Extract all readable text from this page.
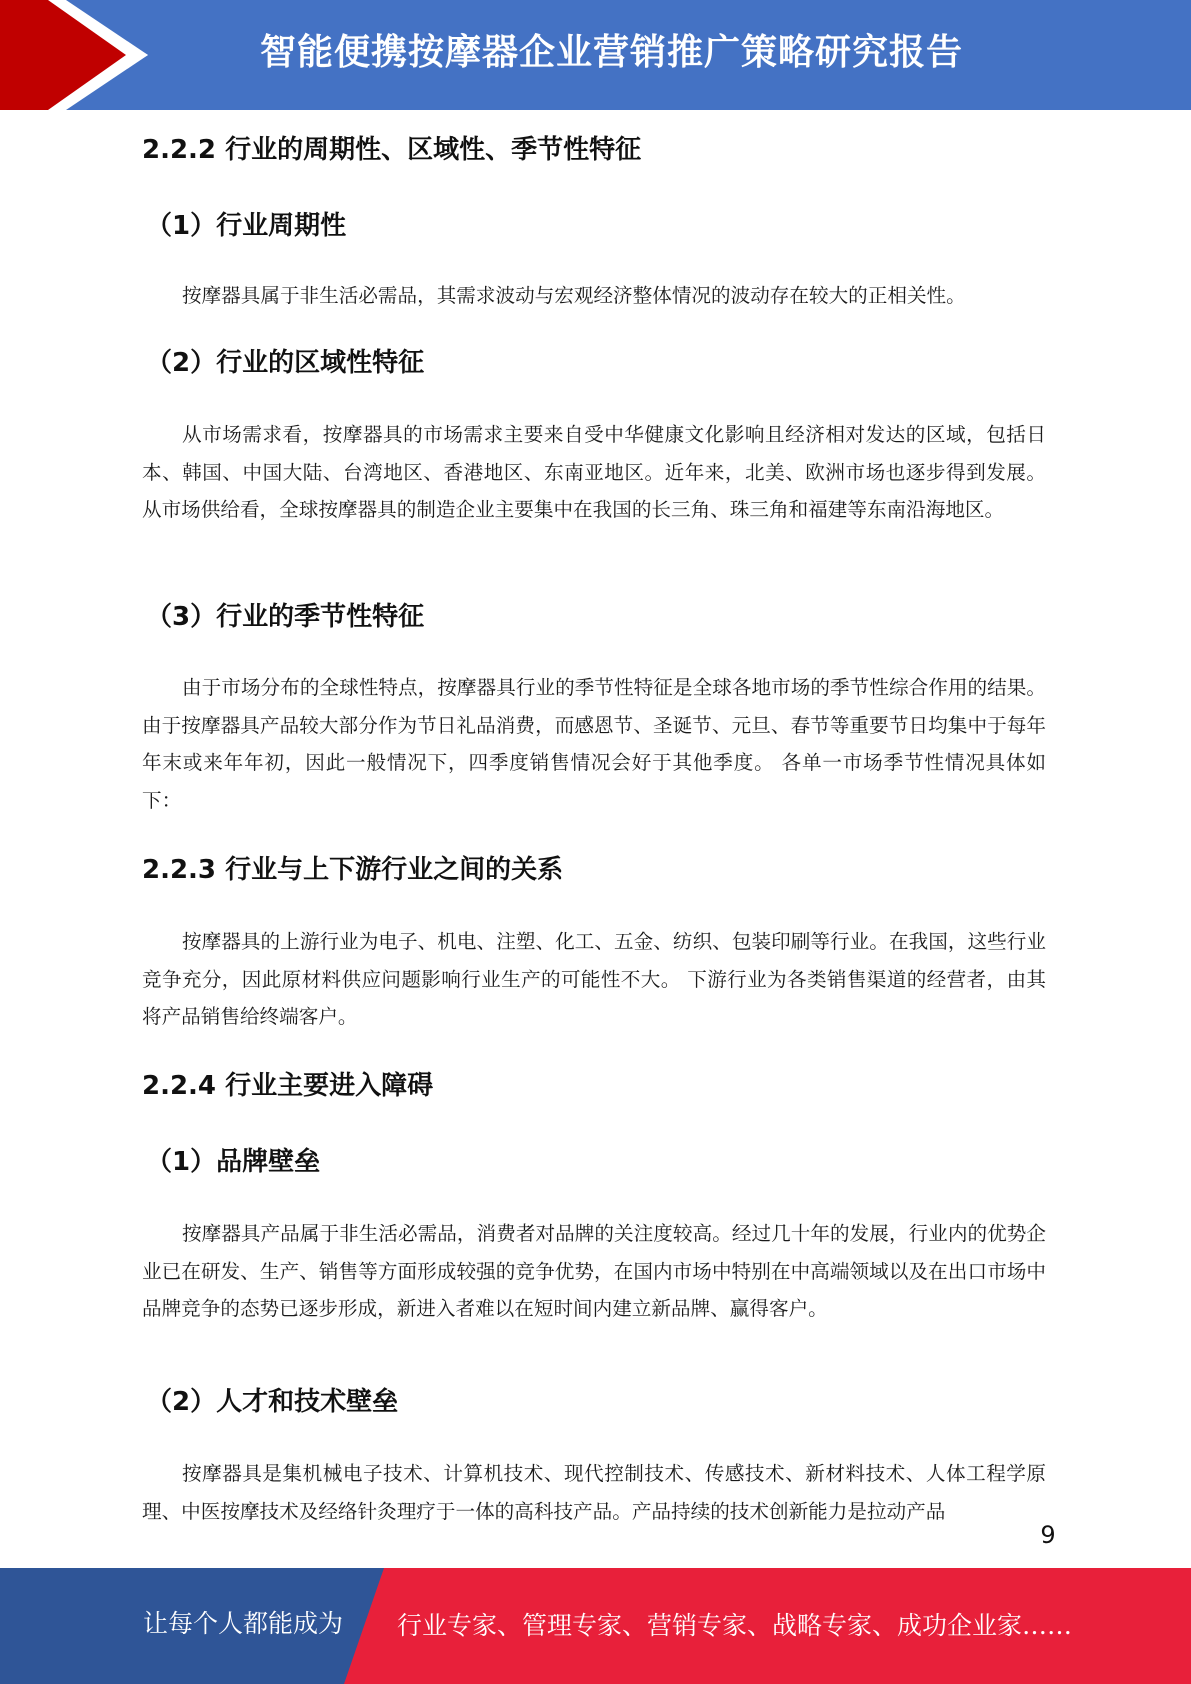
智能便携按摩器企业营销推广策略研究报告
2.2.2 行业的周期性、区域性、季节性特征
（1）行业周期性

按摩器具属于非生活必需品，其需求波动与宏观经济整体情况的波动存在较大的正相关性。

（2）行业的区域性特征

从市场需求看，按摩器具的市场需求主要来自受中华健康文化影响且经济相对发达的区域，包括日本、韩国、中国大陆、台湾地区、香港地区、东南亚地区。近年来，北美、欧洲市场也逐步得到发展。 从市场供给看，全球按摩器具的制造企业主要集中在我国的长三角、珠三角和福建等东南沿海地区。

（3）行业的季节性特征

由于市场分布的全球性特点，按摩器具行业的季节性特征是全球各地市场的季节性综合作用的结果。由于按摩器具产品较大部分作为节日礼品消费，而感恩节、圣诞节、元旦、春节等重要节日均集中于每年年末或来年年初，因此一般情况下，四季度销售情况会好于其他季度。 各单一市场季节性情况具体如下：

2.2.3 行业与上下游行业之间的关系

按摩器具的上游行业为电子、机电、注塑、化工、五金、纺织、包装印刷等行业。在我国，这些行业竞争充分，因此原材料供应问题影响行业生产的可能性不大。 下游行业为各类销售渠道的经营者，由其将产品销售给终端客户。

2.2.4 行业主要进入障碍
（1）品牌壁垒

按摩器具产品属于非生活必需品，消费者对品牌的关注度较高。经过几十年的发展，行业内的优势企业已在研发、生产、销售等方面形成较强的竞争优势，在国内市场中特别在中高端领域以及在出口市场中品牌竞争的态势已逐步形成，新进入者难以在短时间内建立新品牌、赢得客户。

（2）人才和技术壁垒

按摩器具是集机械电子技术、计算机技术、现代控制技术、传感技术、新材料技术、人体工程学原理、中医按摩技术及经络针灸理疗于一体的高科技产品。产品持续的技术创新能力是拉动产品

9
让每个人都能成为 行业专家、管理专家、营销专家、战略专家、成功企业家……
